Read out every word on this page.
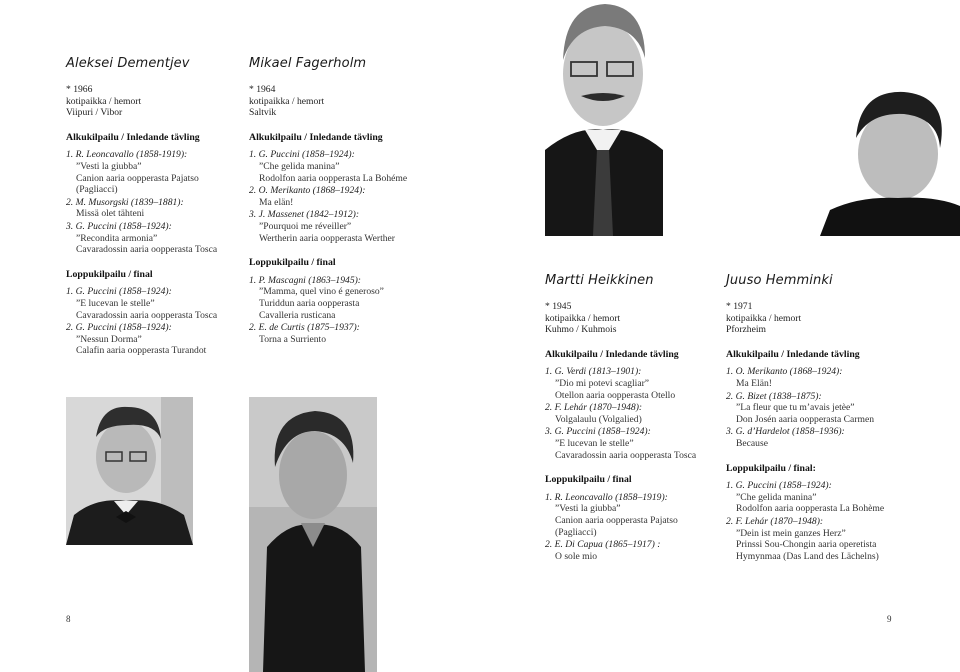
Aleksei Dementjev
* 1966
kotipaikka / hemort
Viipuri / Vibor
Alkukilpailu / Inledande tävling
1. R. Leoncavallo (1858-1919):
”Vesti la giubba”
Canion aaria oopperasta Pajatso
(Pagliacci)
2. M. Musorgski (1839–1881):
Missä olet tähteni
3. G. Puccini (1858–1924):
”Recondita armonia”
Cavaradossin aaria oopperasta Tosca
Loppukilpailu / final
1. G. Puccini (1858–1924):
”E lucevan le stelle”
Cavaradossin aaria oopperasta Tosca
2. G. Puccini (1858–1924):
”Nessun Dorma”
Calafin aaria oopperasta Turandot
Mikael Fagerholm
* 1964
kotipaikka / hemort
Saltvik
Alkukilpailu / Inledande tävling
1. G. Puccini (1858–1924):
”Che gelida manina”
Rodolfon aaria oopperasta La Bohéme
2. O. Merikanto (1868–1924):
Ma elän!
3. J. Massenet (1842–1912):
”Pourquoi me réveiller”
Wertherin aaria oopperasta Werther
Loppukilpailu / final
1. P. Mascagni (1863–1945):
”Mamma, quel vino é generoso”
Turiddun aaria oopperasta
Cavalleria rusticana
2. E. de Curtis (1875–1937):
Torna a Surriento
Martti Heikkinen
* 1945
kotipaikka / hemort
Kuhmo / Kuhmois
Alkukilpailu / Inledande tävling
1. G. Verdi (1813–1901):
”Dio mi potevi scagliar”
Otellon aaria oopperasta Otello
2. F. Lehár (1870–1948):
Volgalaulu (Volgalied)
3. G. Puccini (1858–1924):
”E lucevan le stelle”
Cavaradossin aaria oopperasta Tosca
Loppukilpailu / final
1. R. Leoncavallo (1858–1919):
”Vesti la giubba”
Canion aaria oopperasta Pajatso
(Pagliacci)
2. E. Di Capua (1865–1917) :
O sole mio
Juuso Hemminki
* 1971
kotipaikka / hemort
Pforzheim
Alkukilpailu / Inledande tävling
1. O. Merikanto (1868–1924):
Ma Elän!
2. G. Bizet (1838–1875):
”La fleur que tu m’avais jetèe”
Don Josén aaria oopperasta Carmen
3. G. d’Hardelot (1858–1936):
Because
Loppukilpailu / final:
1. G. Puccini (1858–1924):
”Che gelida manina”
Rodolfon aaria oopperasta La Bohème
2. F. Lehár (1870–1948):
”Dein ist mein ganzes Herz”
Prinssi Sou-Chongin aaria operetista
Hymynmaa (Das Land des Lächelns)
8	9
